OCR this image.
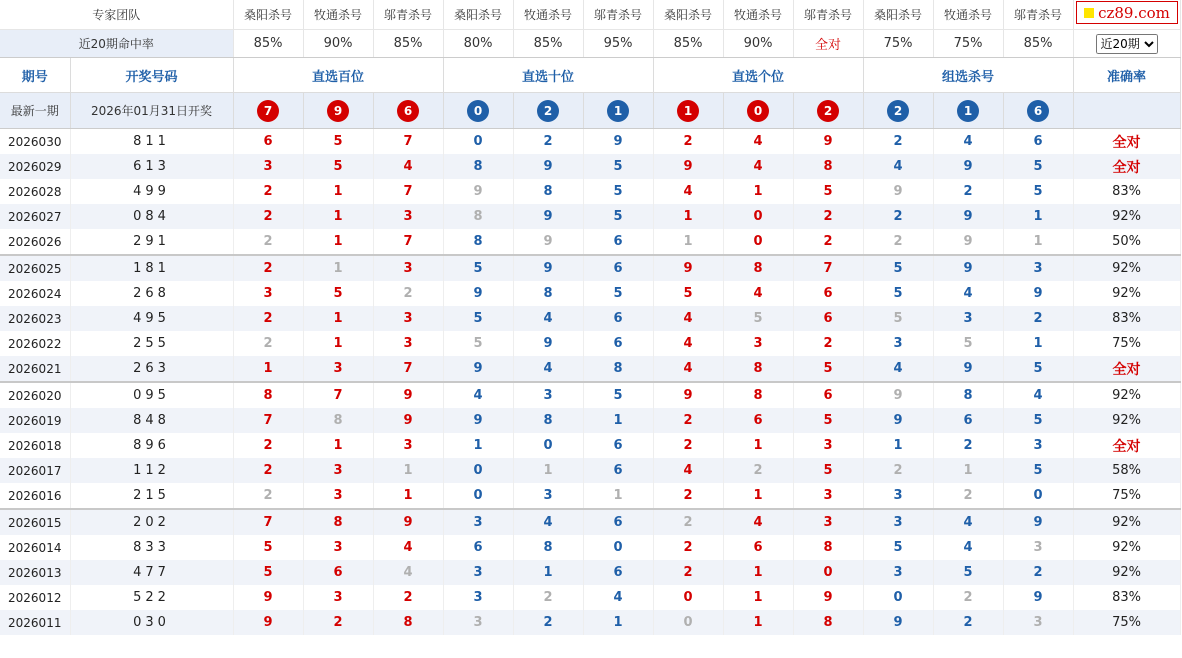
专家团队		桑阳杀号	牧通杀号	邬青杀号	桑阳杀号	牧通杀号	邬青杀号	桑阳杀号	牧通杀号	邬青杀号	桑阳杀号	牧通杀号	邬青杀号	
近20期命中率		85%	90%	85%	80%	85%	95%	85%	90%	全对	75%	75%	85%	
近20期
期号	开奖号码	直选百位			直选十位			直选个位			组选杀号			准确率
最新一期	2026年01月31日开奖	7	9	6	0	2	1	1	0	2	2	1	6	
2026030	811	6	5	7	0	2	9	2	4	9	2	4	6	全对
2026029	613	3	5	4	8	9	5	9	4	8	4	9	5	全对
2026028	499	2	1	7	9	8	5	4	1	5	9	2	5	83%
2026027	084	2	1	3	8	9	5	1	0	2	2	9	1	92%
2026026	291	2	1	7	8	9	6	1	0	2	2	9	1	50%
2026025	181	2	1	3	5	9	6	9	8	7	5	9	3	92%
2026024	268	3	5	2	9	8	5	5	4	6	5	4	9	92%
2026023	495	2	1	3	5	4	6	4	5	6	5	3	2	83%
2026022	255	2	1	3	5	9	6	4	3	2	3	5	1	75%
2026021	263	1	3	7	9	4	8	4	8	5	4	9	5	全对
2026020	095	8	7	9	4	3	5	9	8	6	9	8	4	92%
2026019	848	7	8	9	9	8	1	2	6	5	9	6	5	92%
2026018	896	2	1	3	1	0	6	2	1	3	1	2	3	全对
2026017	112	2	3	1	0	1	6	4	2	5	2	1	5	58%
2026016	215	2	3	1	0	3	1	2	1	3	3	2	0	75%
2026015	202	7	8	9	3	4	6	2	4	3	3	4	9	92%
2026014	833	5	3	4	6	8	0	2	6	8	5	4	3	92%
2026013	477	5	6	4	3	1	6	2	1	0	3	5	2	92%
2026012	522	9	3	2	3	2	4	0	1	9	0	2	9	83%
2026011	030	9	2	8	3	2	1	0	1	8	9	2	3	75%
cz89.com
